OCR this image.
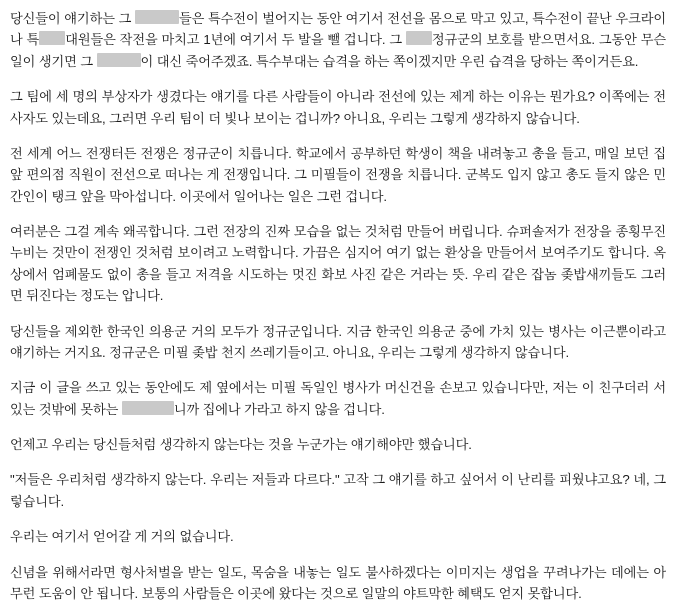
당신들이 얘기하는 그	들은 특수전이 벌어지는 동안 여기서 전선을 몸으로 막고 있고, 특수전이 끝난 우크라이나 특 대원들은 작전을 마치고 1년에 여기서 두 발을 뺄 겁니다. 그  정규군의 보호를 받으면서요. 그동안 무슨 일이 생기면 그	이 대신 죽어주겠죠. 특수부대는 습격을 하는 쪽이겠지만 우린 습격을 당하는 쪽이거든요.

그 팀에 세 명의 부상자가 생겼다는 얘기를 다른 사람들이 아니라 전선에 있는 제게 하는 이유는 뭔가요? 이쪽에는 전사자도 있는데요, 그러면 우리 팀이 더 빛나 보이는 겁니까? 아니요, 우리는 그렇게 생각하지 않습니다.

전 세계 어느 전쟁터든 전쟁은 정규군이 치릅니다. 학교에서 공부하던 학생이 책을 내려놓고 총을 들고, 매일 보던 집 앞 편의점 직원이 전선으로 떠나는 게 전쟁입니다. 그 미필들이 전쟁을 치릅니다. 군복도 입지 않고 총도 들지 않은 민간인이 탱크 앞을 막아섭니다. 이곳에서 일어나는 일은 그런 겁니다.

여러분은 그걸 계속 왜곡합니다. 그런 전장의 진짜 모습을 없는 것처럼 만들어 버립니다. 슈퍼솔저가 전장을 종횡무진 누비는 것만이 전쟁인 것처럼 보이려고 노력합니다. 가끔은 심지어 여기 없는 환상을 만들어서 보여주기도 합니다. 옥상에서 엄폐물도 없이 총을 들고 저격을 시도하는 멋진 화보 사진 같은 거라는 뜻. 우리 같은 잡놈 좆밥새끼들도 그러면 뒤진다는 정도는 압니다.

당신들을 제외한 한국인 의용군 거의 모두가 정규군입니다. 지금 한국인 의용군 중에 가치 있는 병사는 이근뿐이라고 얘기하는 거지요. 정규군은 미필 좆밥 천지 쓰레기들이고. 아니요, 우리는 그렇게 생각하지 않습니다.

지금 이 글을 쓰고 있는 동안에도 제 옆에서는 미필 독일인 병사가 머신건을 손보고 있습니다만, 저는 이 친구더러 서있는 것밖에 못하는	니까 집에나 가라고 하지 않을 겁니다.

언제고 우리는 당신들처럼 생각하지 않는다는 것을 누군가는 얘기해야만 했습니다.

"저들은 우리처럼 생각하지 않는다. 우리는 저들과 다르다." 고작 그 얘기를 하고 싶어서 이 난리를 피웠냐고요? 네, 그렇습니다.

우리는 여기서 얻어갈 게 거의 없습니다.

신념을 위해서라면 형사처벌을 받는 일도, 목숨을 내놓는 일도 불사하겠다는 이미지는 생업을 꾸려나가는 데에는 아무런 도움이 안 됩니다. 보통의 사람들은 이곳에 왔다는 것으로 일말의 야트막한 혜택도 얻지 못합니다.
